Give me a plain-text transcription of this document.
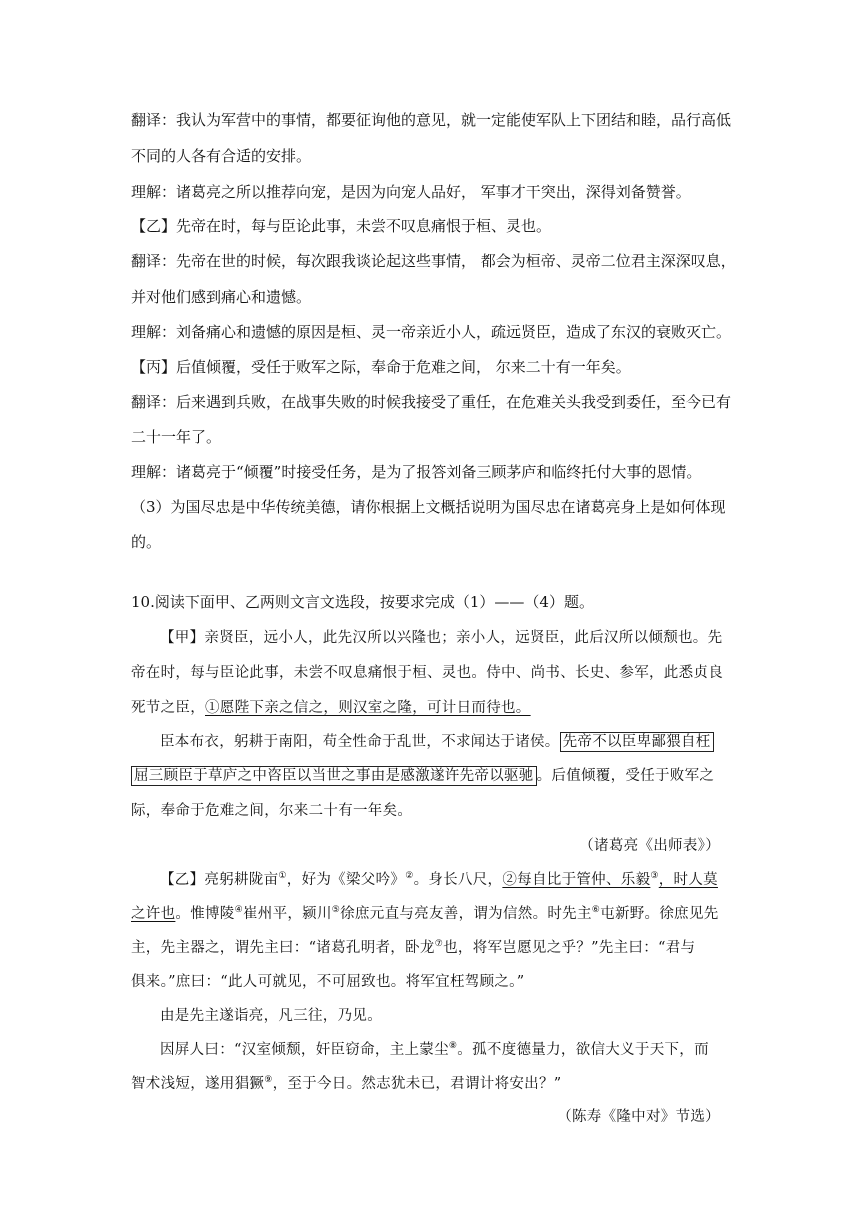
翻译：我认为军营中的事情，都要征询他的意见，就一定能使军队上下团结和睦，品行高低
不同的人各有合适的安排。
理解：诸葛亮之所以推荐向宠，是因为向宠人品好， 军事才干突出，深得刘备赞誉。
【乙】先帝在时，每与臣论此事，未尝不叹息痛恨于桓、灵也。
翻译：先帝在世的时候，每次跟我谈论起这些事情， 都会为桓帝、灵帝二位君主深深叹息，
并对他们感到痛心和遗憾。
理解：刘备痛心和遗憾的原因是桓、灵一帝亲近小人，疏远贤臣，造成了东汉的衰败灭亡。
【丙】后值倾覆，受任于败军之际，奉命于危难之间， 尔来二十有一年矣。
翻译：后来遇到兵败，在战事失败的时候我接受了重任，在危难关头我受到委任，至今已有
二十一年了。
理解：诸葛亮于“倾覆”时接受任务，是为了报答刘备三顾茅庐和临终托付大事的恩情。
（3）为国尽忠是中华传统美德，请你根据上文概括说明为国尽忠在诸葛亮身上是如何体现
的。
10.阅读下面甲、乙两则文言文选段，按要求完成（1）——（4）题。
【甲】亲贤臣，远小人，此先汉所以兴隆也；亲小人，远贤臣，此后汉所以倾颓也。先
帝在时，每与臣论此事，未尝不叹息痛恨于桓、灵也。侍中、尚书、长史、参军，此悉贞良
死节之臣，①愿陛下亲之信之，则汉室之隆，可计日而待也。
臣本布衣，躬耕于南阳，苟全性命于乱世，不求闻达于诸侯。 先帝不以臣卑鄙猥自枉
屈三顾臣于草庐之中咨臣以当世之事由是感激遂许先帝以驱驰 。后值倾覆，受任于败军之
际，奉命于危难之间，尔来二十有一年矣。
（诸葛亮《出师表》）
【乙】亮躬耕陇亩①，好为《梁父吟》②。身长八尺，②每自比于管仲、乐毅③，时人莫
之许也。惟博陵④崔州平，颍川⑤徐庶元直与亮友善，谓为信然。时先主⑥屯新野。徐庶见先
主，先主器之，谓先主曰：“诸葛孔明者，卧龙⑦也，将军岂愿见之乎？”先主曰：“君与
俱来。”庶曰：“此人可就见，不可屈致也。将军宜枉驾顾之。”
由是先主遂诣亮，凡三往，乃见。
因屏人曰：“汉室倾颓，奸臣窃命，主上蒙尘⑧。孤不度德量力，欲信大义于天下，而
智术浅短，遂用猖獗⑨，至于今日。然志犹未已，君谓计将安出？”
（陈寿《隆中对》节选）
